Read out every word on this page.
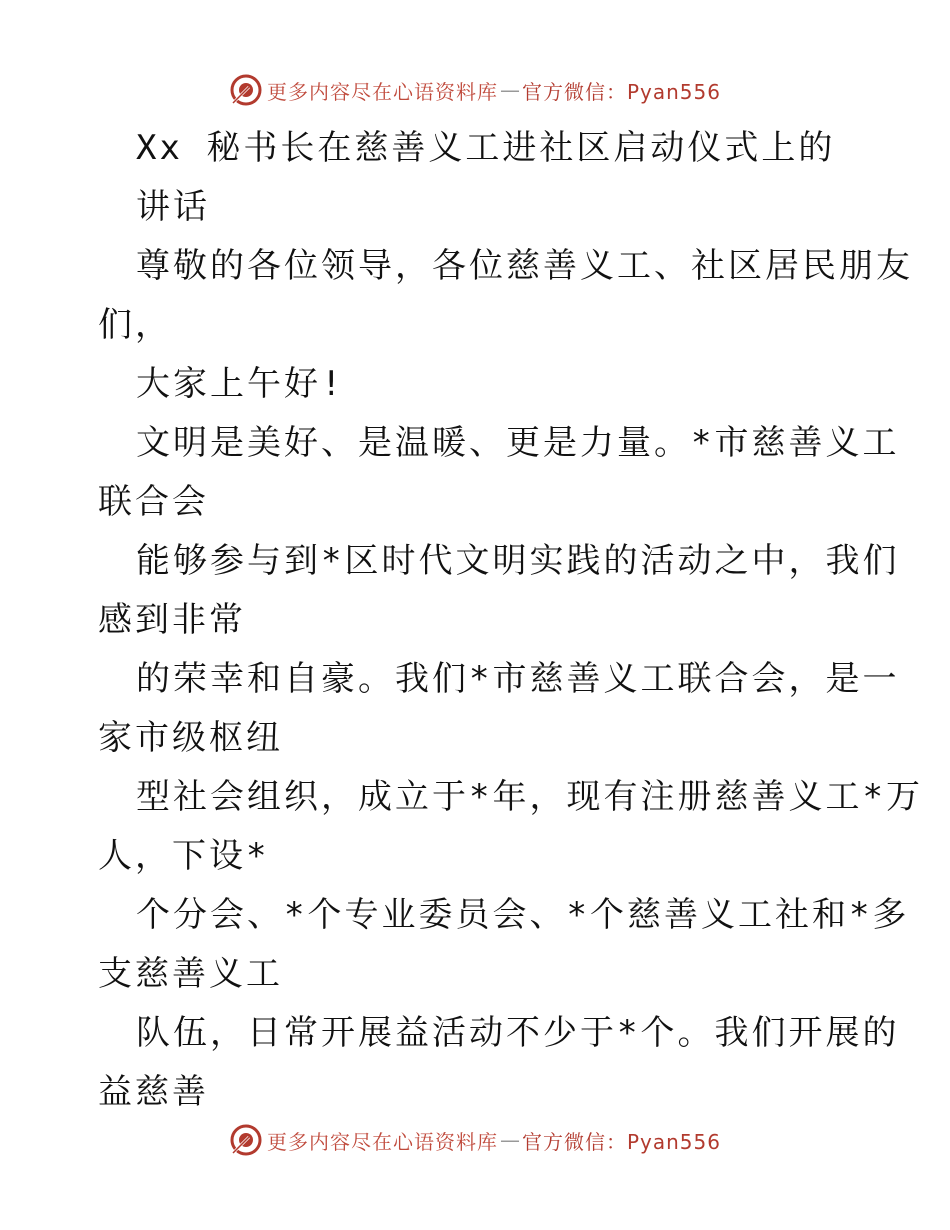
更多内容尽在心语资料库 — 官方微信：Pyan556
Xx 秘书长在慈善义工进社区启动仪式上的
讲话
尊敬的各位领导，各位慈善义工、社区居民朋友
们，
大家上午好!
文明是美好、是温暖、更是力量。*市慈善义工
联合会
能够参与到*区时代文明实践的活动之中，我们
感到非常
的荣幸和自豪。我们*市慈善义工联合会，是一
家市级枢纽
型社会组织，成立于*年，现有注册慈善义工*万
人，下设*
个分会、*个专业委员会、*个慈善义工社和*多
支慈善义工
队伍，日常开展益活动不少于*个。我们开展的
益慈善
更多内容尽在心语资料库 — 官方微信：Pyan556
